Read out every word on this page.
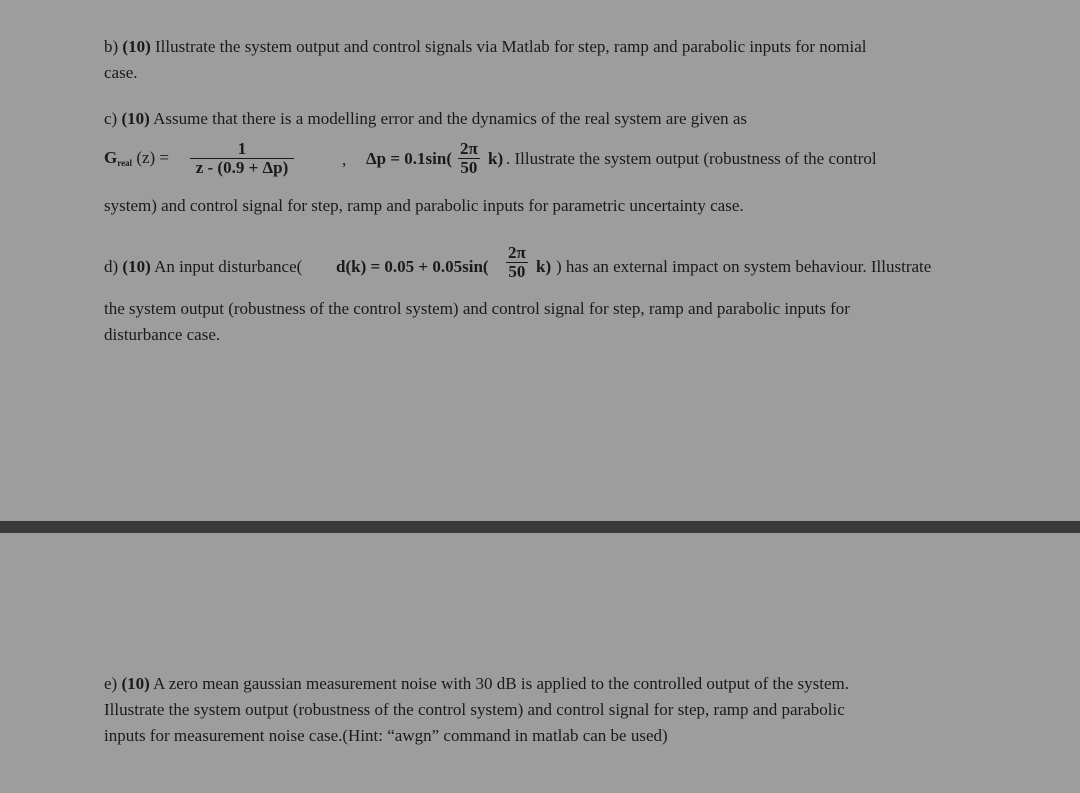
b) (10) Illustrate the system output and control signals via Matlab for step, ramp and parabolic inputs for nomial
case.
c) (10) Assume that there is a modelling error and the dynamics of the real system are given as
$G_{real}$ $(z) = \frac{1}{z - (0.9 + \Delta p)}$	, $\Delta p = 0.1\sin( \frac{2\pi}{50} k)$ . Illustrate the system output (robustness of the control
system) and control signal for step, ramp and parabolic inputs for parametric uncertainty case.
d) (10) An input disturbance( $d(k) = 0.05 + 0.05\sin( \frac{2\pi}{50} k)$ ) has an external impact on system behaviour. Illustrate
the system output (robustness of the control system) and control signal for step, ramp and parabolic inputs for
disturbance case.
e) (10) A zero mean gaussian measurement noise with 30 dB is applied to the controlled output of the system.
Illustrate the system output (robustness of the control system) and control signal for step, ramp and parabolic
inputs for measurement noise case.(Hint: “awgn” command in matlab can be used)
